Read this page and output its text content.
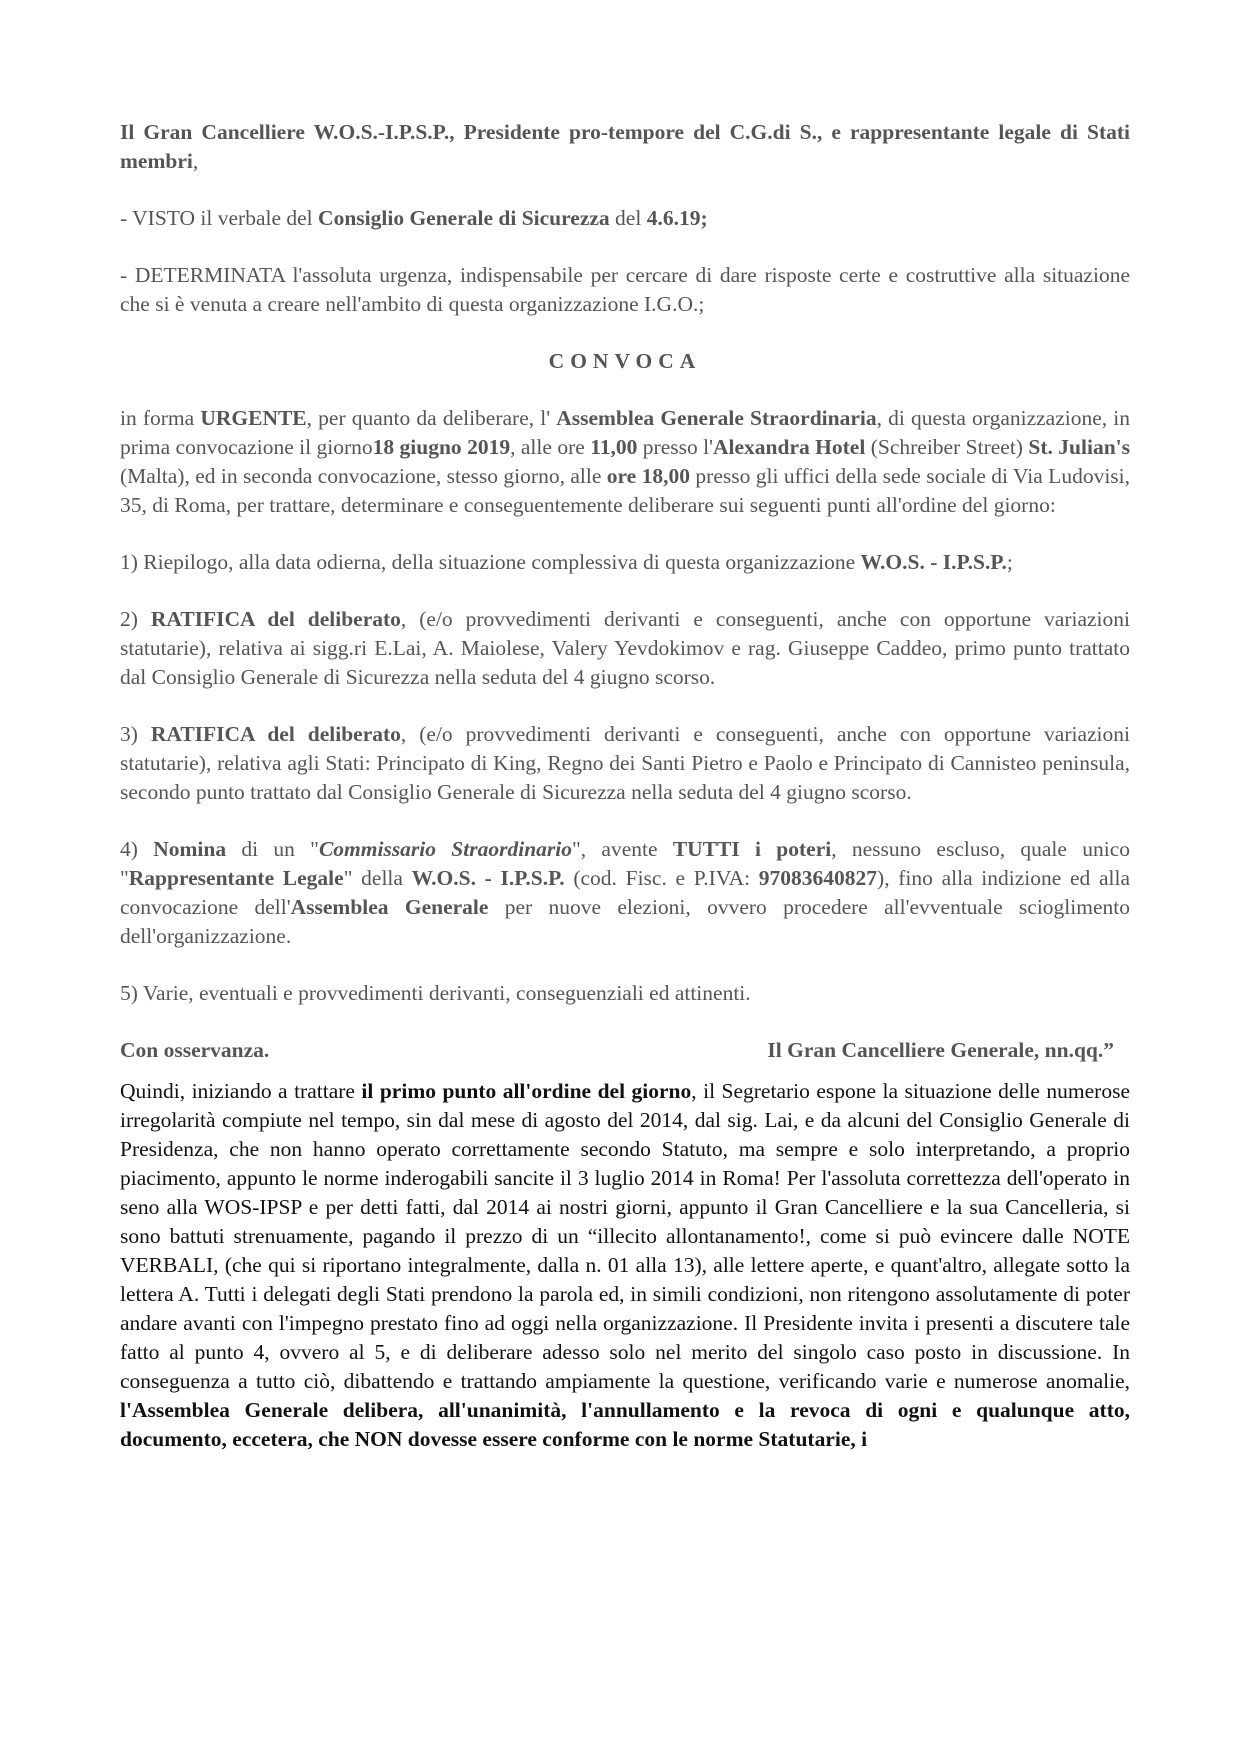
Il Gran Cancelliere W.O.S.-I.P.S.P., Presidente pro-tempore del C.G.di S., e rappresentante legale di Stati membri,

- VISTO il verbale del Consiglio Generale di Sicurezza del 4.6.19;

- DETERMINATA l'assoluta urgenza, indispensabile per cercare di dare risposte certe e costruttive alla situazione che si è venuta a creare nell'ambito di questa organizzazione I.G.O.;

CONVOCA

in forma URGENTE, per quanto da deliberare, l' Assemblea Generale Straordinaria, di questa organizzazione, in prima convocazione il giorno18 giugno 2019, alle ore 11,00 presso l'Alexandra Hotel (Schreiber Street) St. Julian's (Malta), ed in seconda convocazione, stesso giorno, alle ore 18,00 presso gli uffici della sede sociale di Via Ludovisi, 35, di Roma, per trattare, determinare e conseguentemente deliberare sui seguenti punti all'ordine del giorno:

1) Riepilogo, alla data odierna, della situazione complessiva di questa organizzazione W.O.S. - I.P.S.P.;

2) RATIFICA del deliberato, (e/o provvedimenti derivanti e conseguenti, anche con opportune variazioni statutarie), relativa ai sigg.ri E.Lai, A. Maiolese, Valery Yevdokimov e rag. Giuseppe Caddeo, primo punto trattato dal Consiglio Generale di Sicurezza nella seduta del 4 giugno scorso.

3) RATIFICA del deliberato, (e/o provvedimenti derivanti e conseguenti, anche con opportune variazioni statutarie), relativa agli Stati: Principato di King, Regno dei Santi Pietro e Paolo e Principato di Cannisteo peninsula, secondo punto trattato dal Consiglio Generale di Sicurezza nella seduta del 4 giugno scorso.

4) Nomina di un "Commissario Straordinario", avente TUTTI i poteri, nessuno escluso, quale unico "Rappresentante Legale" della W.O.S. - I.P.S.P. (cod. Fisc. e P.IVA: 97083640827), fino alla indizione ed alla convocazione dell'Assemblea Generale per nuove elezioni, ovvero procedere all'evventuale scioglimento dell'organizzazione.

5) Varie, eventuali e provvedimenti derivanti, conseguenziali ed attinenti.

Con osservanza.	Il Gran Cancelliere Generale, nn.qq.”

Quindi, iniziando a trattare il primo punto all'ordine del giorno, il Segretario espone la situazione delle numerose irregolarità compiute nel tempo, sin dal mese di agosto del 2014, dal sig. Lai, e da alcuni del Consiglio Generale di Presidenza, che non hanno operato correttamente secondo Statuto, ma sempre e solo interpretando, a proprio piacimento, appunto le norme inderogabili sancite il 3 luglio 2014 in Roma! Per l'assoluta correttezza dell'operato in seno alla WOS-IPSP e per detti fatti, dal 2014 ai nostri giorni, appunto il Gran Cancelliere e la sua Cancelleria, si sono battuti strenuamente, pagando il prezzo di un “illecito allontanamento!, come si può evincere dalle NOTE VERBALI, (che qui si riportano integralmente, dalla n. 01 alla 13), alle lettere aperte, e quant'altro, allegate sotto la lettera A. Tutti i delegati degli Stati prendono la parola ed, in simili condizioni, non ritengono assolutamente di poter andare avanti con l'impegno prestato fino ad oggi nella organizzazione. Il Presidente invita i presenti a discutere tale fatto al punto 4, ovvero al 5, e di deliberare adesso solo nel merito del singolo caso posto in discussione. In conseguenza a tutto ciò, dibattendo e trattando ampiamente la questione, verificando varie e numerose anomalie, l'Assemblea Generale delibera, all'unanimità, l'annullamento e la revoca di ogni e qualunque atto, documento, eccetera, che NON dovesse essere conforme con le norme Statutarie, i
